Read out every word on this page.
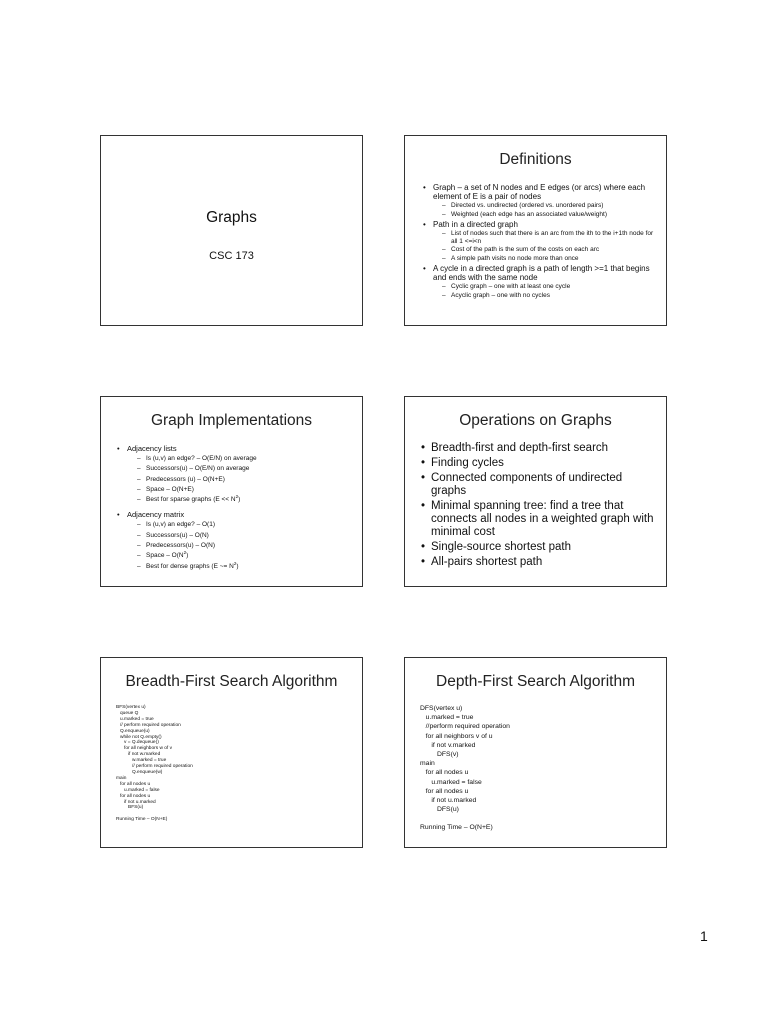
Graphs
CSC 173
Definitions
• Graph – a set of N nodes and E edges (or arcs) where each element of E is a pair of nodes
– Directed vs. undirected (ordered vs. unordered pairs)
– Weighted (each edge has an associated value/weight)
• Path in a directed graph
– List of nodes such that there is an arc from the ith to the i+1th node for all 1 <=i<n
– Cost of the path is the sum of the costs on each arc
– A simple path visits no node more than once
• A cycle in a directed graph is a path of length >=1 that begins and ends with the same node
– Cyclic graph – one with at least one cycle
– Acyclic graph – one with no cycles
Graph Implementations
• Adjacency lists
– Is (u,v) an edge? – O(E/N) on average
– Successors(u) – O(E/N) on average
– Predecessors (u) – O(N+E)
– Space – O(N+E)
– Best for sparse graphs $(E << N^2)$
• Adjacency matrix
– Is (u,v) an edge? – O(1)
– Successors(u) – O(N)
– Predecessors(u) – O(N)
– Space – $O(N^2)$
– Best for dense graphs (E ~= $N^2$)
Operations on Graphs
• Breadth-first and depth-first search
• Finding cycles
• Connected components of undirected graphs
• Minimal spanning tree: find a tree that connects all nodes in a weighted graph with minimal cost
• Single-source shortest path
• All-pairs shortest path
Breadth-First Search Algorithm
BFS(vertex u)
queue Q
u.marked = true
// perform required operation
Q.enqueue(u)
while not Q.empty()
v = Q.dequeue()
for all neighbors w of v
if not w.marked
w.marked = true
// perform required operation
Q.enqueue(w)
main
for all nodes u
u.marked = false
for all nodes u
if not u.marked
BFS(u)
Running Time – O(N+E)
Depth-First Search Algorithm
DFS(vertex u)
u.marked = true
//perform required operation
for all neighbors v of u
if not v.marked
DFS(v)
main
for all nodes u
u.marked = false
for all nodes u
if not u.marked
DFS(u)
Running Time – O(N+E)
1
